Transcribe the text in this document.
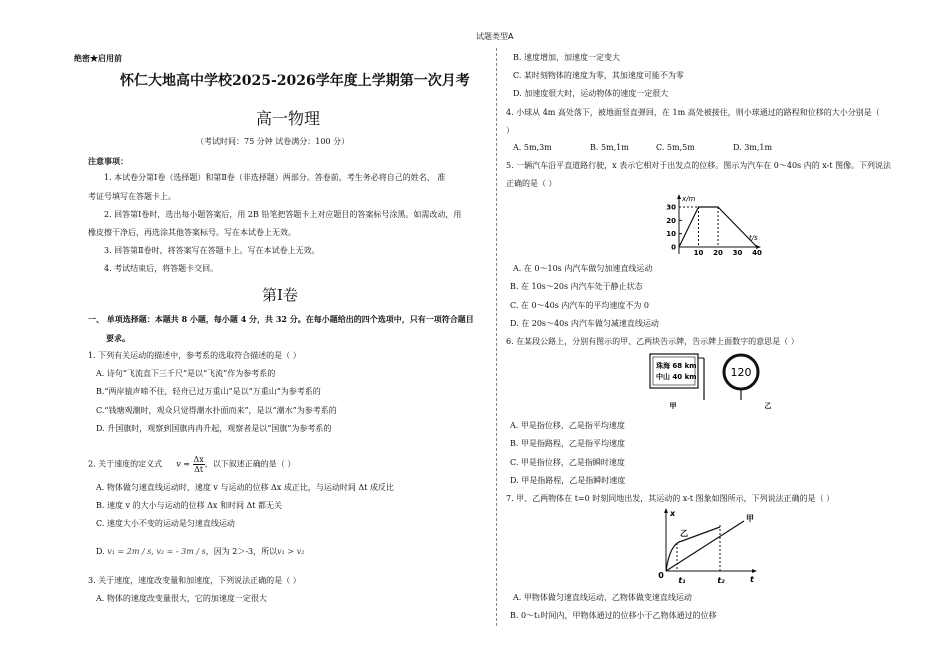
试题类型A
绝密★启用前
怀仁大地高中学校2025-2026学年度上学期第一次月考
高一物理
（考试时间：75 分钟 试卷满分：100 分）
注意事项：
1. 本试卷分第Ⅰ卷（选择题）和第Ⅱ卷（非选择题）两部分。答卷前，考生务必将自己的姓名、 准
考证号填写在答题卡上。
2. 回答第Ⅰ卷时，选出每小题答案后，用 2B 铅笔把答题卡上对应题目的答案标号涂黑。如需改动，用
橡皮擦干净后，再选涂其他答案标号。写在本试卷上无效。
3. 回答第Ⅱ卷时，将答案写在答题卡上。写在本试卷上无效。
4. 考试结束后，将答题卡交回。
第Ⅰ卷
一、 单项选择题：本题共 8 小题，每小题 4 分，共 32 分。在每小题给出的四个选项中，只有一项符合题目
要求。
1. 下列有关运动的描述中，参考系的选取符合描述的是（ ）
A. 诗句“飞流直下三千尺”是以“飞流”作为参考系的
B.“两岸猿声啼不住，轻舟已过万重山”是以“万重山”为参考系的
C.“钱塘观潮时，观众只觉得潮水扑面而来”，是以“潮水”为参考系的
D. 升国旗时，观察到国旗冉冉升起，观察者是以“国旗”为参考系的
2. 关于速度的定义式 $v = \frac{\Delta x}{\Delta t}$ ，以下叙述正确的是（ ）
A. 物体做匀速直线运动时，速度 v 与运动的位移 Δx 成正比，与运动时间 Δt 成反比
B. 速度 v 的大小与运动的位移 Δx 和时间 Δt 都无关
C. 速度大小不变的运动是匀速直线运动
D. v₁ = 2m / s, v₂ = - 3m / s，因为 2＞-3，所以v₁ > v₂
3. 关于速度，速度改变量和加速度，下列说法正确的是（ ）
A. 物体的速度改变量很大，它的加速度一定很大
B. 速度增加，加速度一定变大
C. 某时刻物体的速度为零，其加速度可能不为零
D. 加速度很大时，运动物体的速度一定很大
4. 小球从 4m 高处落下，被地面竖直弹回，在 1m 高处被接住，则小球通过的路程和位移的大小分别是（
）
A. 5m,3m	B. 5m,1m	C. 5m,5m	D. 3m,1m
5. 一辆汽车沿平直道路行驶，x 表示它相对于出发点的位移。图示为汽车在 0～40s 内的 x-t 图像。下列说法
正确的是（ ）
x/m
t/s
30
20
10
0
10 20 30 40
A. 在 0～10s 内汽车做匀加速直线运动
B. 在 10s～20s 内汽车处于静止状态
C. 在 0～40s 内汽车的平均速度不为 0
D. 在 20s～40s 内汽车做匀减速直线运动
6. 在某段公路上，分别有图示的甲、乙两块告示牌，告示牌上面数字的意思是（ ）
珠海 68 km
中山 40 km
甲
120
乙
A. 甲是指位移，乙是指平均速度
B. 甲是指路程，乙是指平均速度
C. 甲是指位移，乙是指瞬时速度
D. 甲是指路程，乙是指瞬时速度
7. 甲、乙两物体在 t=0 时刻同地出发，其运动的 x-t 图象如图所示，下列说法正确的是（ ）
x
t
0
t₁	t₂
甲
乙
A. 甲物体做匀速直线运动，乙物体做变速直线运动
B. 0～t₁时间内，甲物体通过的位移小于乙物体通过的位移
